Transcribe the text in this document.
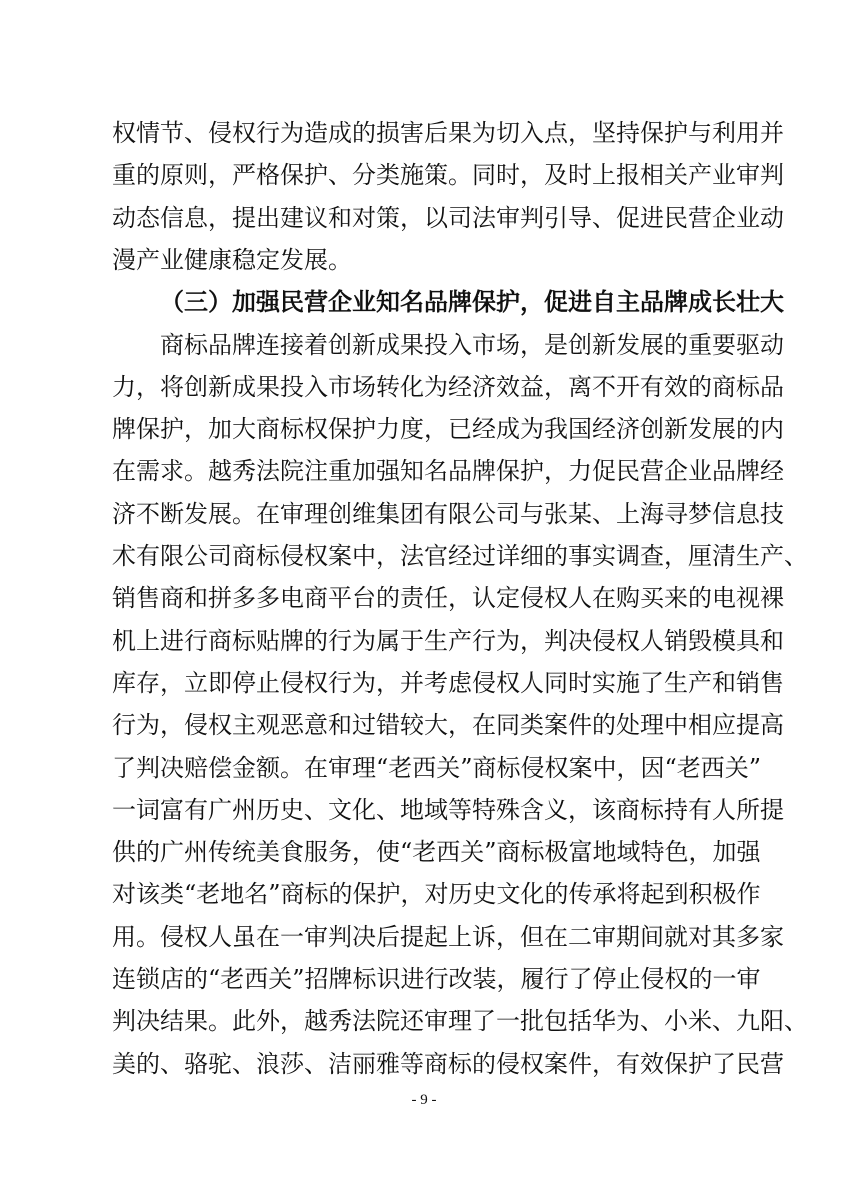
权情节、侵权行为造成的损害后果为切入点，坚持保护与利用并
重的原则，严格保护、分类施策。同时，及时上报相关产业审判
动态信息，提出建议和对策，以司法审判引导、促进民营企业动
漫产业健康稳定发展。
（三）加强民营企业知名品牌保护，促进自主品牌成长壮大
商标品牌连接着创新成果投入市场，是创新发展的重要驱动
力，将创新成果投入市场转化为经济效益，离不开有效的商标品
牌保护，加大商标权保护力度，已经成为我国经济创新发展的内
在需求。越秀法院注重加强知名品牌保护，力促民营企业品牌经
济不断发展。在审理创维集团有限公司与张某、上海寻梦信息技
术有限公司商标侵权案中，法官经过详细的事实调查，厘清生产、
销售商和拼多多电商平台的责任，认定侵权人在购买来的电视裸
机上进行商标贴牌的行为属于生产行为，判决侵权人销毁模具和
库存，立即停止侵权行为，并考虑侵权人同时实施了生产和销售
行为，侵权主观恶意和过错较大，在同类案件的处理中相应提高
了判决赔偿金额。在审理“老西关”商标侵权案中，因“老西关”
一词富有广州历史、文化、地域等特殊含义，该商标持有人所提
供的广州传统美食服务，使“老西关”商标极富地域特色，加强
对该类“老地名”商标的保护，对历史文化的传承将起到积极作
用。侵权人虽在一审判决后提起上诉，但在二审期间就对其多家
连锁店的“老西关”招牌标识进行改装，履行了停止侵权的一审
判决结果。此外，越秀法院还审理了一批包括华为、小米、九阳、
美的、骆驼、浪莎、洁丽雅等商标的侵权案件，有效保护了民营
- 9 -
